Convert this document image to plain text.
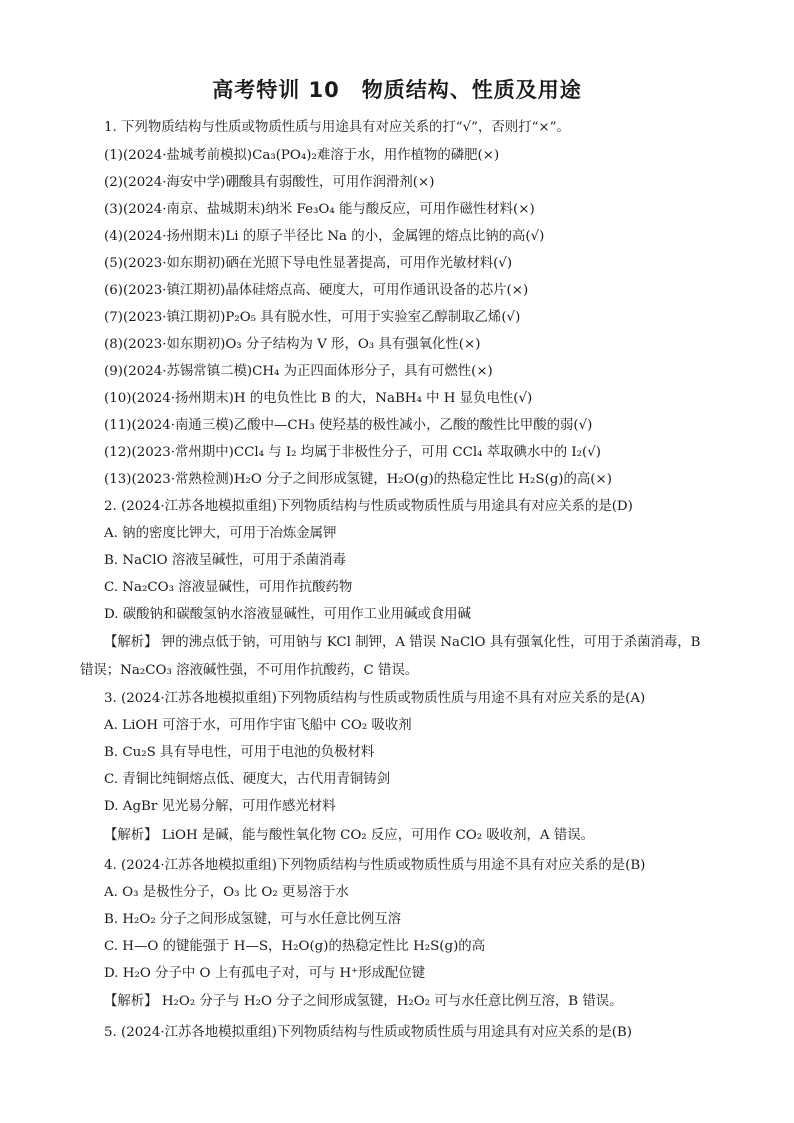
高考特训 10　物质结构、性质及用途
1. 下列物质结构与性质或物质性质与用途具有对应关系的打“√”，否则打“×”。
(1)(2024·盐城考前模拟)Ca₃(PO₄)₂难溶于水，用作植物的磷肥(×)
(2)(2024·海安中学)硼酸具有弱酸性，可用作润滑剂(×)
(3)(2024·南京、盐城期末)纳米 Fe₃O₄ 能与酸反应，可用作磁性材料(×)
(4)(2024·扬州期末)Li 的原子半径比 Na 的小，金属锂的熔点比钠的高(√)
(5)(2023·如东期初)硒在光照下导电性显著提高，可用作光敏材料(√)
(6)(2023·镇江期初)晶体硅熔点高、硬度大，可用作通讯设备的芯片(×)
(7)(2023·镇江期初)P₂O₅ 具有脱水性，可用于实验室乙醇制取乙烯(√)
(8)(2023·如东期初)O₃ 分子结构为 V 形，O₃ 具有强氧化性(×)
(9)(2024·苏锡常镇二模)CH₄ 为正四面体形分子，具有可燃性(×)
(10)(2024·扬州期末)H 的电负性比 B 的大，NaBH₄ 中 H 显负电性(√)
(11)(2024·南通三模)乙酸中—CH₃ 使羟基的极性减小，乙酸的酸性比甲酸的弱(√)
(12)(2023·常州期中)CCl₄ 与 I₂ 均属于非极性分子，可用 CCl₄ 萃取碘水中的 I₂(√)
(13)(2023·常熟检测)H₂O 分子之间形成氢键，H₂O(g)的热稳定性比 H₂S(g)的高(×)
2. (2024·江苏各地模拟重组)下列物质结构与性质或物质性质与用途具有对应关系的是(D)
A. 钠的密度比钾大，可用于冶炼金属钾
B. NaClO 溶液呈碱性，可用于杀菌消毒
C. Na₂CO₃ 溶液显碱性，可用作抗酸药物
D. 碳酸钠和碳酸氢钠水溶液显碱性，可用作工业用碱或食用碱
【解析】 钾的沸点低于钠，可用钠与 KCl 制钾，A 错误 NaClO 具有强氧化性，可用于杀菌消毒，B
错误；Na₂CO₃ 溶液碱性强，不可用作抗酸药，C 错误。
3. (2024·江苏各地模拟重组)下列物质结构与性质或物质性质与用途不具有对应关系的是(A)
A. LiOH 可溶于水，可用作宇宙飞船中 CO₂ 吸收剂
B. Cu₂S 具有导电性，可用于电池的负极材料
C. 青铜比纯铜熔点低、硬度大，古代用青铜铸剑
D. AgBr 见光易分解，可用作感光材料
【解析】 LiOH 是碱，能与酸性氧化物 CO₂ 反应，可用作 CO₂ 吸收剂，A 错误。
4. (2024·江苏各地模拟重组)下列物质结构与性质或物质性质与用途不具有对应关系的是(B)
A. O₃ 是极性分子，O₃ 比 O₂ 更易溶于水
B. H₂O₂ 分子之间形成氢键，可与水任意比例互溶
C. H—O 的键能强于 H—S，H₂O(g)的热稳定性比 H₂S(g)的高
D. H₂O 分子中 O 上有孤电子对，可与 H⁺形成配位键
【解析】 H₂O₂ 分子与 H₂O 分子之间形成氢键，H₂O₂ 可与水任意比例互溶，B 错误。
5. (2024·江苏各地模拟重组)下列物质结构与性质或物质性质与用途具有对应关系的是(B)
